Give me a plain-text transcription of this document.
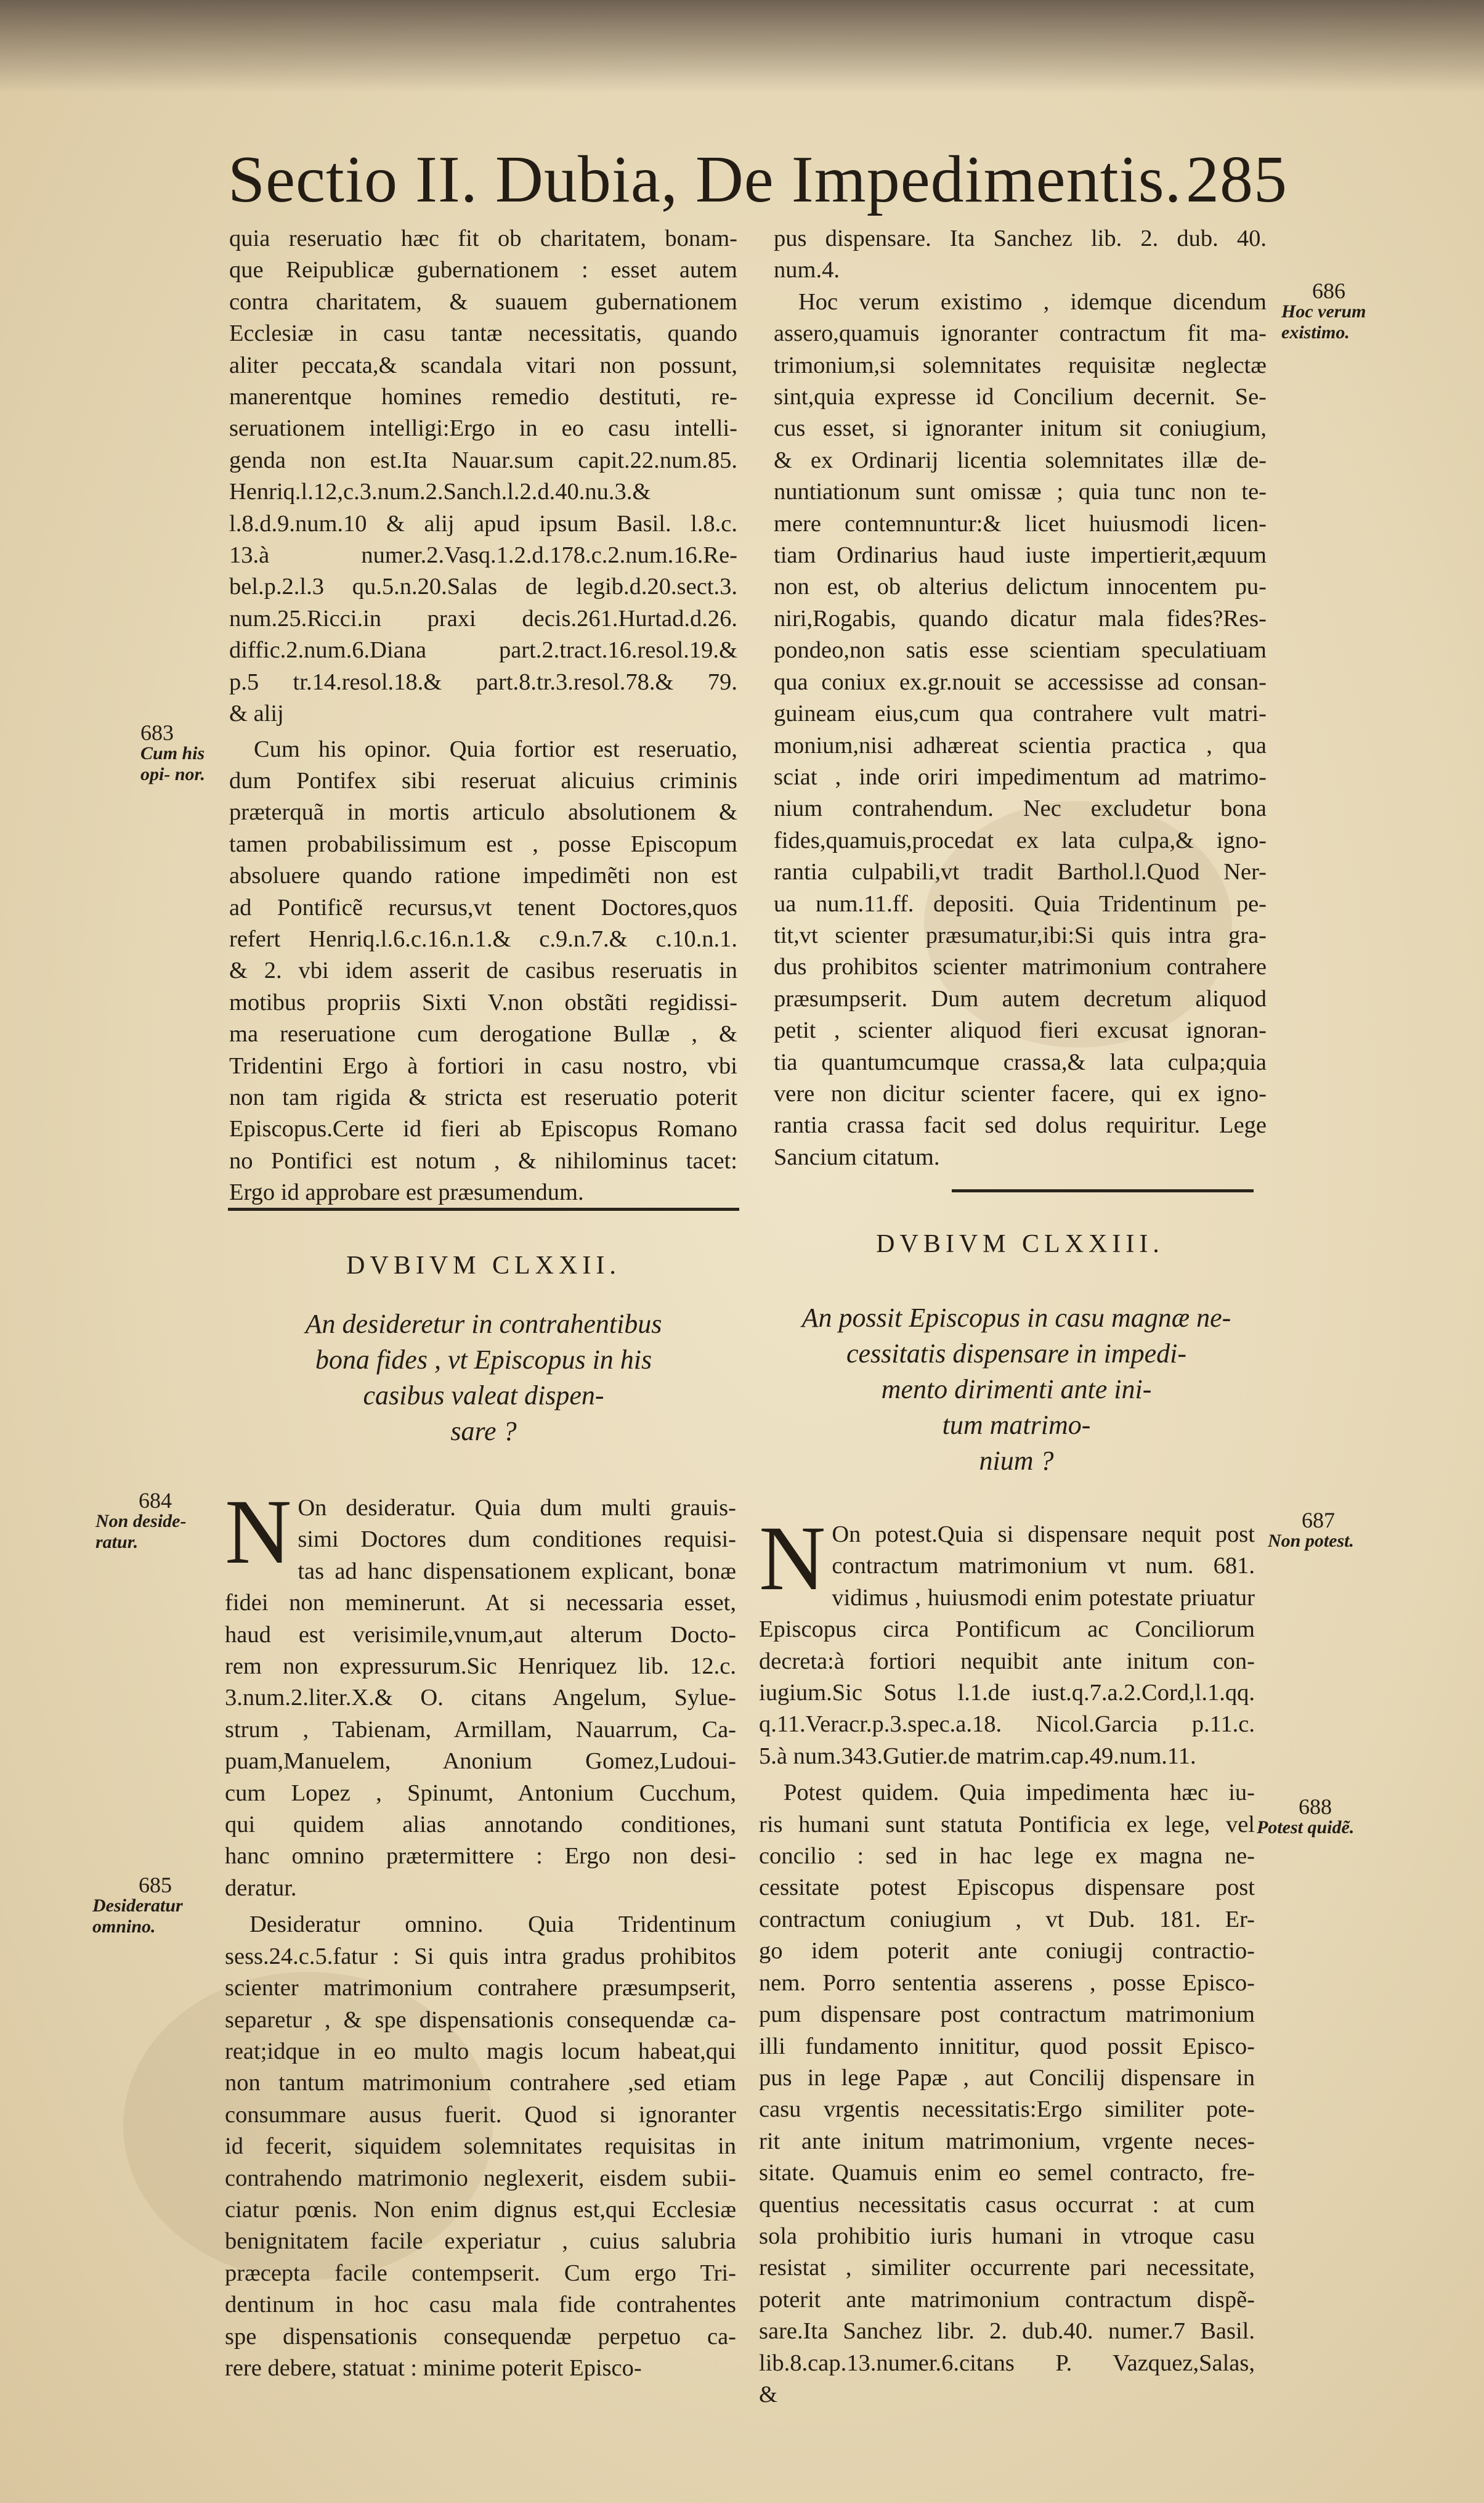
Sectio II. Dubia, De Impedimentis. 285
quia reseruatio hæc fit ob charitatem, bonam-
que Reipublicæ gubernationem : esset autem
contra charitatem, & suauem gubernationem
Ecclesiæ in casu tantæ necessitatis, quando
aliter peccata,& scandala vitari non possunt,
manerentque homines remedio destituti, re-
seruationem intelligi:Ergo in eo casu intelli-
genda non est.Ita Nauar.sum capit.22.num.85.
Henriq.l.12,c.3.num.2.Sanch.l.2.d.40.nu.3.&
l.8.d.9.num.10 & alij apud ipsum Basil. l.8.c.
13.à numer.2.Vasq.1.2.d.178.c.2.num.16.Re-
bel.p.2.l.3 qu.5.n.20.Salas de legib.d.20.sect.3.
num.25.Ricci.in praxi decis.261.Hurtad.d.26.
diffic.2.num.6.Diana part.2.tract.16.resol.19.&
p.5 tr.14.resol.18.& part.8.tr.3.resol.78.& 79.
& alij
Cum his opinor. Quia fortior est reseruatio,
dum Pontifex sibi reseruat alicuius criminis
præterquã in mortis articulo absolutionem &
tamen probabilissimum est , posse Episcopum
absoluere quando ratione impedimẽti non est
ad Pontificẽ recursus,vt tenent Doctores,quos
refert Henriq.l.6.c.16.n.1.& c.9.n.7.& c.10.n.1.
& 2. vbi idem asserit de casibus reseruatis in
motibus propriis Sixti V.non obstãti regidissi-
ma reseruatione cum derogatione Bullæ , &
Tridentini Ergo à fortiori in casu nostro, vbi
non tam rigida & stricta est reseruatio poterit
Episcopus.Certe id fieri ab Episcopus Romano
no Pontifici est notum , & nihilominus tacet:
Ergo id approbare est præsumendum.
pus dispensare. Ita Sanchez lib. 2. dub. 40.
num.4.
Hoc verum existimo , idemque dicendum
assero,quamuis ignoranter contractum fit ma-
trimonium,si solemnitates requisitæ neglectæ
sint,quia expresse id Concilium decernit. Se-
cus esset, si ignoranter initum sit coniugium,
& ex Ordinarij licentia solemnitates illæ de-
nuntiationum sunt omissæ ; quia tunc non te-
mere contemnuntur:& licet huiusmodi licen-
tiam Ordinarius haud iuste impertierit,æquum
non est, ob alterius delictum innocentem pu-
niri,Rogabis, quando dicatur mala fides?Res-
pondeo,non satis esse scientiam speculatiuam
qua coniux ex.gr.nouit se accessisse ad consan-
guineam eius,cum qua contrahere vult matri-
monium,nisi adhæreat scientia practica , qua
sciat , inde oriri impedimentum ad matrimo-
nium contrahendum. Nec excludetur bona
fides,quamuis,procedat ex lata culpa,& igno-
rantia culpabili,vt tradit Barthol.l.Quod Ner-
ua num.11.ff. depositi. Quia Tridentinum pe-
tit,vt scienter præsumatur,ibi:Si quis intra gra-
dus prohibitos scienter matrimonium contrahere
præsumpserit. Dum autem decretum aliquod
petit , scienter aliquod fieri excusat ignoran-
tia quantumcumque crassa,& lata culpa;quia
vere non dicitur scienter facere, qui ex igno-
rantia crassa facit sed dolus requiritur. Lege
Sancium citatum.
683
Cum his opi- nor.
686
Hoc verum existimo.
684
Non deside- ratur.
685
Desideratur omnino.
687
Non potest.
688
Potest quidẽ.
DVBIVM CLXXII.
An desideretur in contrahentibus
bona fides , vt Episcopus in his
casibus valeat dispen-
sare ?
DVBIVM CLXXIII.
An possit Episcopus in casu magnæ ne-
cessitatis dispensare in impedi-
mento dirimenti ante ini-
tum matrimo-
nium ?
N On desideratur. Quia dum multi grauis-
simi Doctores dum conditiones requisi-
tas ad hanc dispensationem explicant, bonæ
fidei non meminerunt. At si necessaria esset,
haud est verisimile,vnum,aut alterum Docto-
rem non expressurum.Sic Henriquez lib. 12.c.
3.num.2.liter.X.& O. citans Angelum, Sylue-
strum , Tabienam, Armillam, Nauarrum, Ca-
puam,Manuelem, Anonium Gomez,Ludoui-
cum Lopez , Spinumt, Antonium Cucchum,
qui quidem alias annotando conditiones,
hanc omnino prætermittere : Ergo non desi-
deratur.
Desideratur omnino. Quia Tridentinum
sess.24.c.5.fatur : Si quis intra gradus prohibitos
scienter matrimonium contrahere præsumpserit,
separetur , & spe dispensationis consequendæ ca-
reat;idque in eo multo magis locum habeat,qui
non tantum matrimonium contrahere ,sed etiam
consummare ausus fuerit. Quod si ignoranter
id fecerit, siquidem solemnitates requisitas in
contrahendo matrimonio neglexerit, eisdem subii-
ciatur pœnis. Non enim dignus est,qui Ecclesiæ
benignitatem facile experiatur , cuius salubria
præcepta facile contempserit. Cum ergo Tri-
dentinum in hoc casu mala fide contrahentes
spe dispensationis consequendæ perpetuo ca-
rere debere, statuat : minime poterit Episco-
N On potest.Quia si dispensare nequit post
contractum matrimonium vt num. 681.
vidimus , huiusmodi enim potestate priuatur
Episcopus circa Pontificum ac Conciliorum
decreta:à fortiori nequibit ante initum con-
iugium.Sic Sotus l.1.de iust.q.7.a.2.Cord,l.1.qq.
q.11.Veracr.p.3.spec.a.18. Nicol.Garcia p.11.c.
5.à num.343.Gutier.de matrim.cap.49.num.11.
Potest quidem. Quia impedimenta hæc iu-
ris humani sunt statuta Pontificia ex lege, vel
concilio : sed in hac lege ex magna ne-
cessitate potest Episcopus dispensare post
contractum coniugium , vt Dub. 181. Er-
go idem poterit ante coniugij contractio-
nem. Porro sententia asserens , posse Episco-
pum dispensare post contractum matrimonium
illi fundamento innititur, quod possit Episco-
pus in lege Papæ , aut Concilij dispensare in
casu vrgentis necessitatis:Ergo similiter pote-
rit ante initum matrimonium, vrgente neces-
sitate. Quamuis enim eo semel contracto, fre-
quentius necessitatis casus occurrat : at cum
sola prohibitio iuris humani in vtroque casu
resistat , similiter occurrente pari necessitate,
poterit ante matrimonium contractum dispẽ-
sare.Ita Sanchez libr. 2. dub.40. numer.7 Basil.
lib.8.cap.13.numer.6.citans P. Vazquez,Salas,
&
